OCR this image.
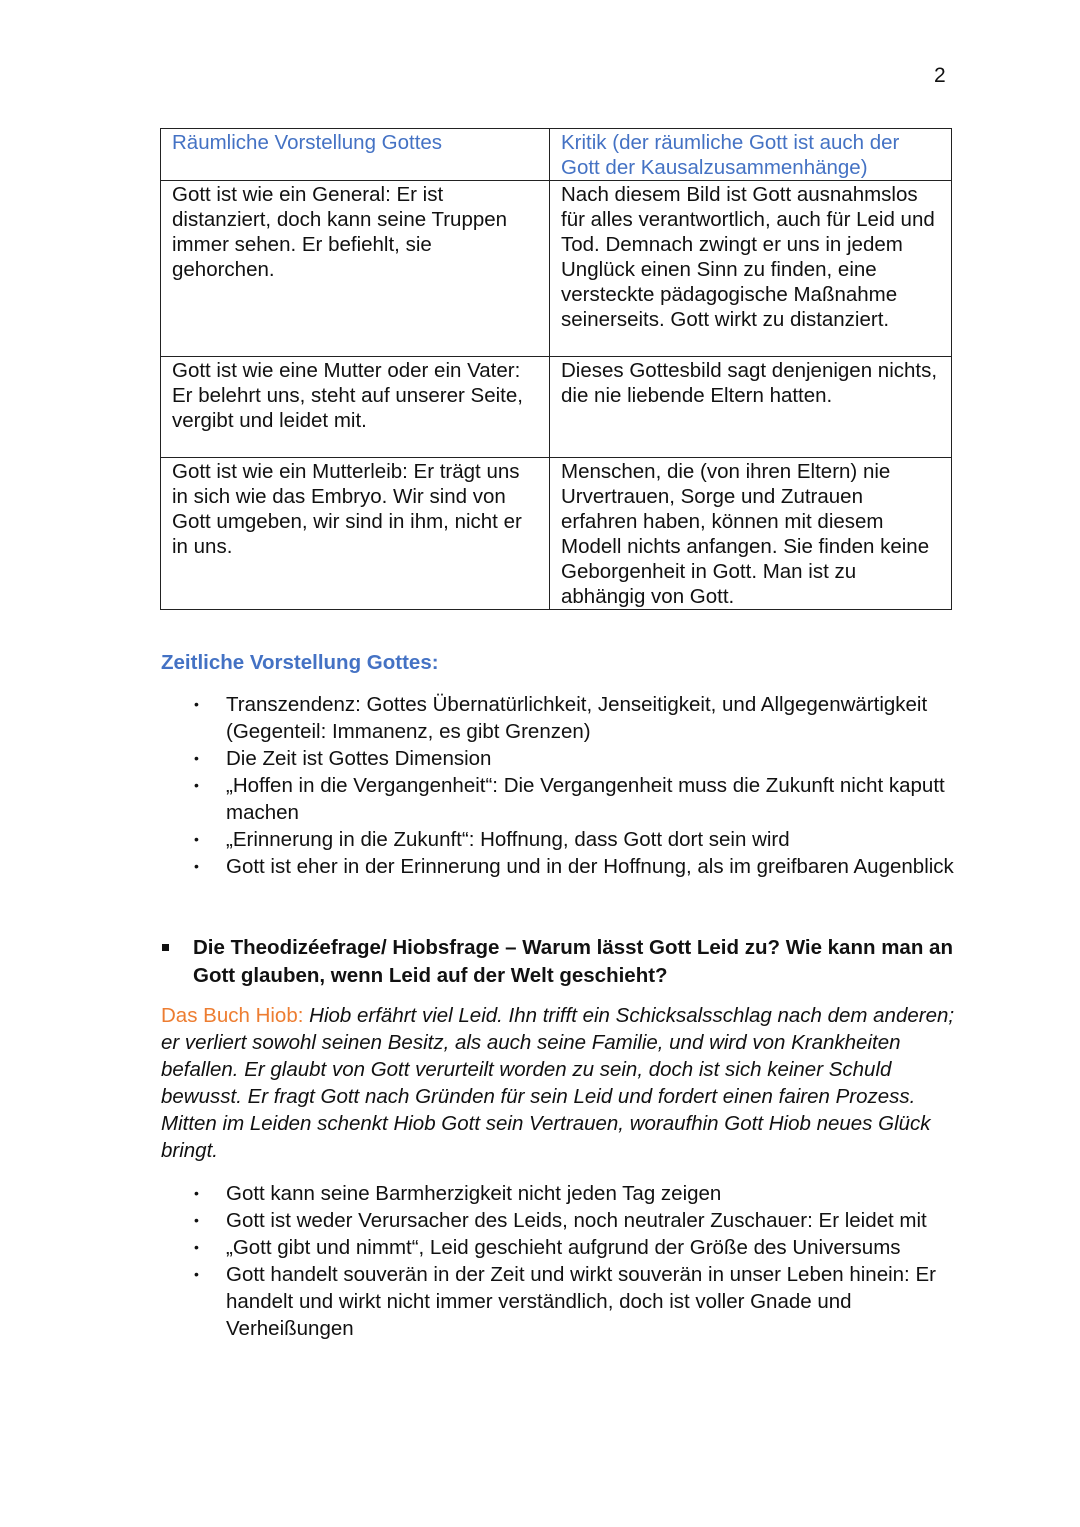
2
Räumliche Vorstellung Gottes	Kritik (der räumliche Gott ist auch der Gott der Kausalzusammenhänge)
Gott ist wie ein General: Er ist distanziert, doch kann seine Truppen immer sehen. Er befiehlt, sie gehorchen.	Nach diesem Bild ist Gott ausnahmslos für alles verantwortlich, auch für Leid und Tod. Demnach zwingt er uns in jedem Unglück einen Sinn zu finden, eine versteckte pädagogische Maßnahme seinerseits. Gott wirkt zu distanziert.
Gott ist wie eine Mutter oder ein Vater: Er belehrt uns, steht auf unserer Seite, vergibt und leidet mit.	Dieses Gottesbild sagt denjenigen nichts, die nie liebende Eltern hatten.
Gott ist wie ein Mutterleib: Er trägt uns in sich wie das Embryo. Wir sind von Gott umgeben, wir sind in ihm, nicht er in uns.	Menschen, die (von ihren Eltern) nie Urvertrauen, Sorge und Zutrauen erfahren haben, können mit diesem Modell nichts anfangen. Sie finden keine Geborgenheit in Gott. Man ist zu abhängig von Gott.
Zeitliche Vorstellung Gottes:
• Transzendenz: Gottes Übernatürlichkeit, Jenseitigkeit, und Allgegenwärtigkeit (Gegenteil: Immanenz, es gibt Grenzen)
• Die Zeit ist Gottes Dimension
• „Hoffen in die Vergangenheit“: Die Vergangenheit muss die Zukunft nicht kaputt machen
• „Erinnerung in die Zukunft“: Hoffnung, dass Gott dort sein wird
• Gott ist eher in der Erinnerung und in der Hoffnung, als im greifbaren Augenblick
Die Theodizéefrage/ Hiobsfrage – Warum lässt Gott Leid zu? Wie kann man an Gott glauben, wenn Leid auf der Welt geschieht?

Das Buch Hiob: Hiob erfährt viel Leid. Ihn trifft ein Schicksalsschlag nach dem anderen; er verliert sowohl seinen Besitz, als auch seine Familie, und wird von Krankheiten befallen. Er glaubt von Gott verurteilt worden zu sein, doch ist sich keiner Schuld bewusst. Er fragt Gott nach Gründen für sein Leid und fordert einen fairen Prozess. Mitten im Leiden schenkt Hiob Gott sein Vertrauen, woraufhin Gott Hiob neues Glück bringt.

• Gott kann seine Barmherzigkeit nicht jeden Tag zeigen
• Gott ist weder Verursacher des Leids, noch neutraler Zuschauer: Er leidet mit
• „Gott gibt und nimmt“, Leid geschieht aufgrund der Größe des Universums
• Gott handelt souverän in der Zeit und wirkt souverän in unser Leben hinein: Er handelt und wirkt nicht immer verständlich, doch ist voller Gnade und Verheißungen
